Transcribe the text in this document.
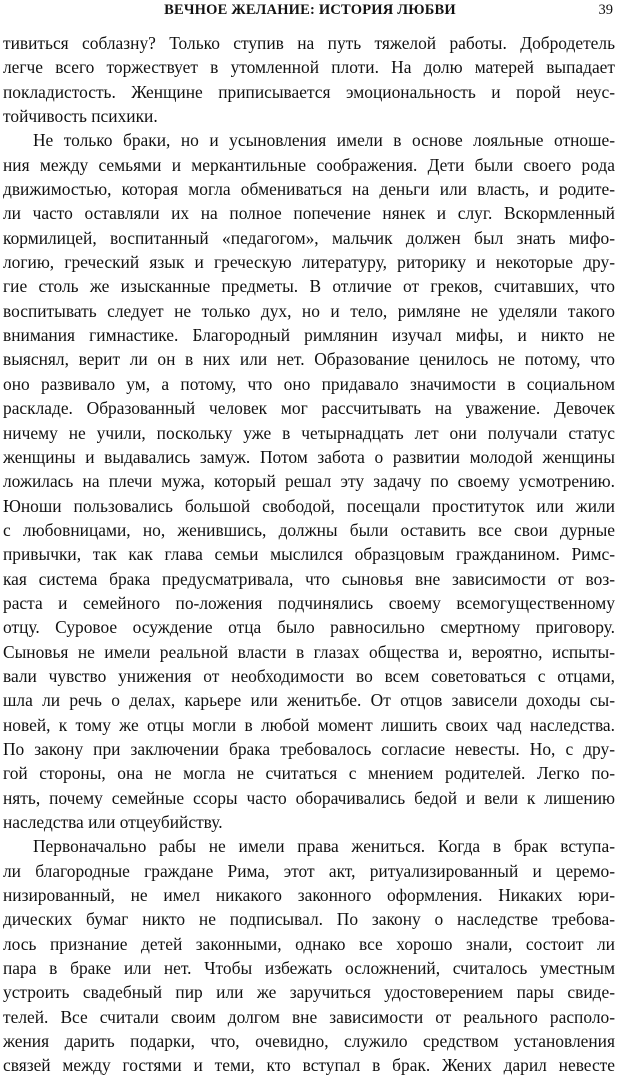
ВЕЧНОЕ ЖЕЛАНИЕ: ИСТОРИЯ ЛЮБВИ	39
тивиться соблазну? Только ступив на путь тяжелой работы. Добродетель
легче всего торжествует в утомленной плоти. На долю матерей выпадает
покладистость. Женщине приписывается эмоциональность и порой неус-
тойчивость психики.
Не только браки, но и усыновления имели в основе лояльные отноше-
ния между семьями и меркантильные соображения. Дети были своего рода
движимостью, которая могла обмениваться на деньги или власть, и родите-
ли часто оставляли их на полное попечение нянек и слуг. Вскормленный
кормилицей, воспитанный «педагогом», мальчик должен был знать мифо-
логию, греческий язык и греческую литературу, риторику и некоторые дру-
гие столь же изысканные предметы. В отличие от греков, считавших, что
воспитывать следует не только дух, но и тело, римляне не уделяли такого
внимания гимнастике. Благородный римлянин изучал мифы, и никто не
выяснял, верит ли он в них или нет. Образование ценилось не потому, что
оно развивало ум, а потому, что оно придавало значимости в социальном
раскладе. Образованный человек мог рассчитывать на уважение. Девочек
ничему не учили, поскольку уже в четырнадцать лет они получали статус
женщины и выдавались замуж. Потом забота о развитии молодой женщины
ложилась на плечи мужа, который решал эту задачу по своему усмотрению.
Юноши пользовались большой свободой, посещали проституток или жили
с любовницами, но, женившись, должны были оставить все свои дурные
привычки, так как глава семьи мыслился образцовым гражданином. Римс-
кая система брака предусматривала, что сыновья вне зависимости от воз-
раста и семейного по-ложения подчинялись своему всемогущественному
отцу. Суровое осуждение отца было равносильно смертному приговору.
Сыновья не имели реальной власти в глазах общества и, вероятно, испыты-
вали чувство унижения от необходимости во всем советоваться с отцами,
шла ли речь о делах, карьере или женитьбе. От отцов зависели доходы сы-
новей, к тому же отцы могли в любой момент лишить своих чад наследства.
По закону при заключении брака требовалось согласие невесты. Но, с дру-
гой стороны, она не могла не считаться с мнением родителей. Легко по-
нять, почему семейные ссоры часто оборачивались бедой и вели к лишению
наследства или отцеубийству.
Первоначально рабы не имели права жениться. Когда в брак вступа-
ли благородные граждане Рима, этот акт, ритуализированный и церемо-
низированный, не имел никакого законного оформления. Никаких юри-
дических бумаг никто не подписывал. По закону о наследстве требова-
лось признание детей законными, однако все хорошо знали, состоит ли
пара в браке или нет. Чтобы избежать осложнений, считалось уместным
устроить свадебный пир или же заручиться удостоверением пары свиде-
телей. Все считали своим долгом вне зависимости от реального располо-
жения дарить подарки, что, очевидно, служило средством установления
связей между гостями и теми, кто вступал в брак. Жених дарил невесте
